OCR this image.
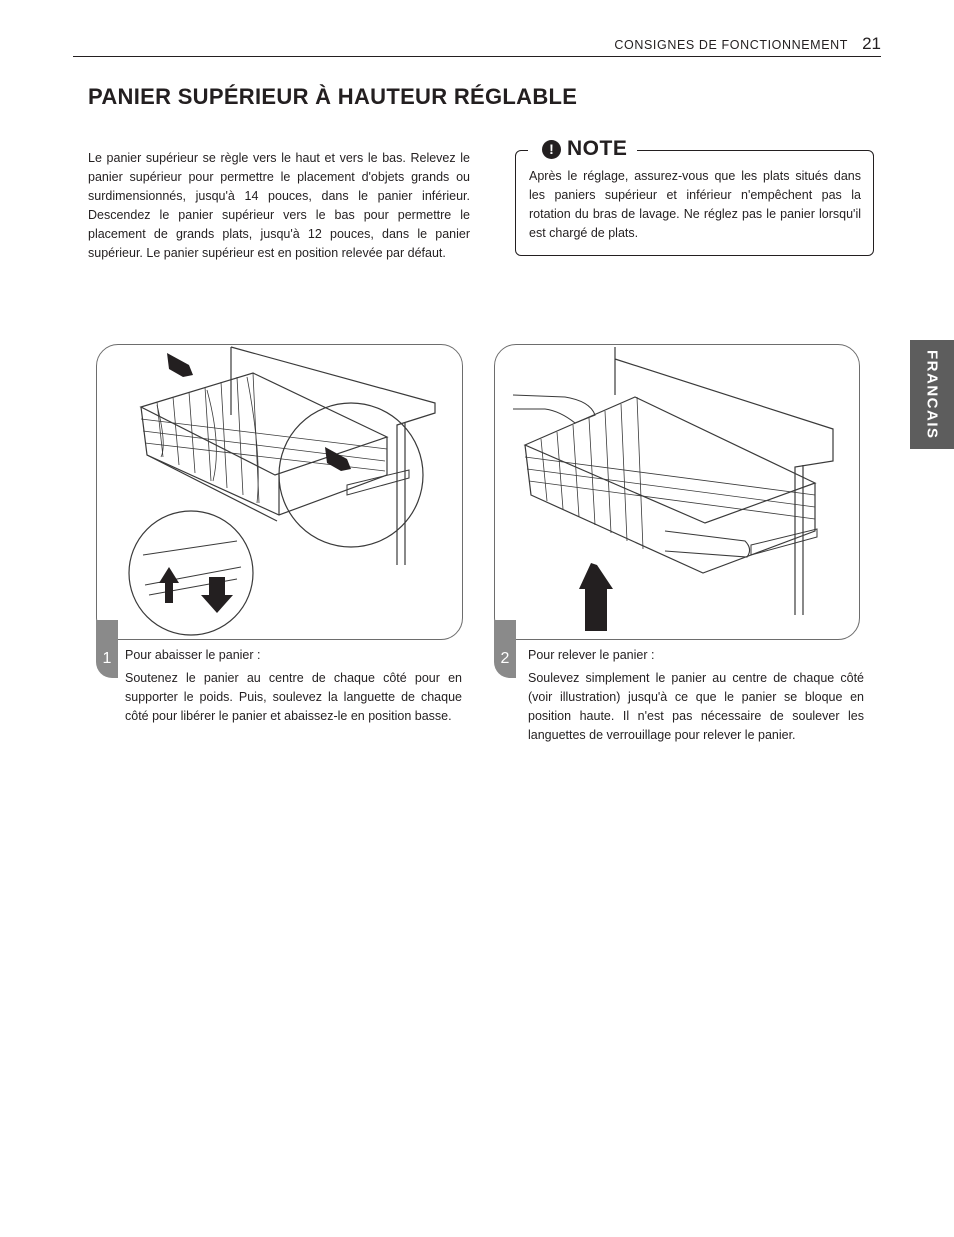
CONSIGNES DE FONCTIONNEMENT 21
PANIER SUPÉRIEUR À HAUTEUR RÉGLABLE

Le panier supérieur se règle vers le haut et vers le bas. Relevez le panier supérieur pour permettre le placement d'objets grands ou surdimensionnés, jusqu'à 14 pouces, dans le panier inférieur. Descendez le panier supérieur vers le bas pour permettre le placement de grands plats, jusqu'à 12 pouces, dans le panier supérieur. Le panier supérieur est en position relevée par défaut.

! NOTE

Après le réglage, assurez-vous que les plats situés dans les paniers supérieur et inférieur n'empêchent pas la rotation du bras de lavage. Ne réglez pas le panier lorsqu'il est chargé de plats.

FRANCAIS
1	Pour abaisser le panier :

Soutenez le panier au centre de chaque côté pour en supporter le poids. Puis, soulevez la languette de chaque côté pour libérer le panier et abaissez-le en position basse.

2	Pour relever le panier :

Soulevez simplement le panier au centre de chaque côté (voir illustration) jusqu'à ce que le panier se bloque en position haute. Il n'est pas nécessaire de soulever les languettes de verrouillage pour relever le panier.
